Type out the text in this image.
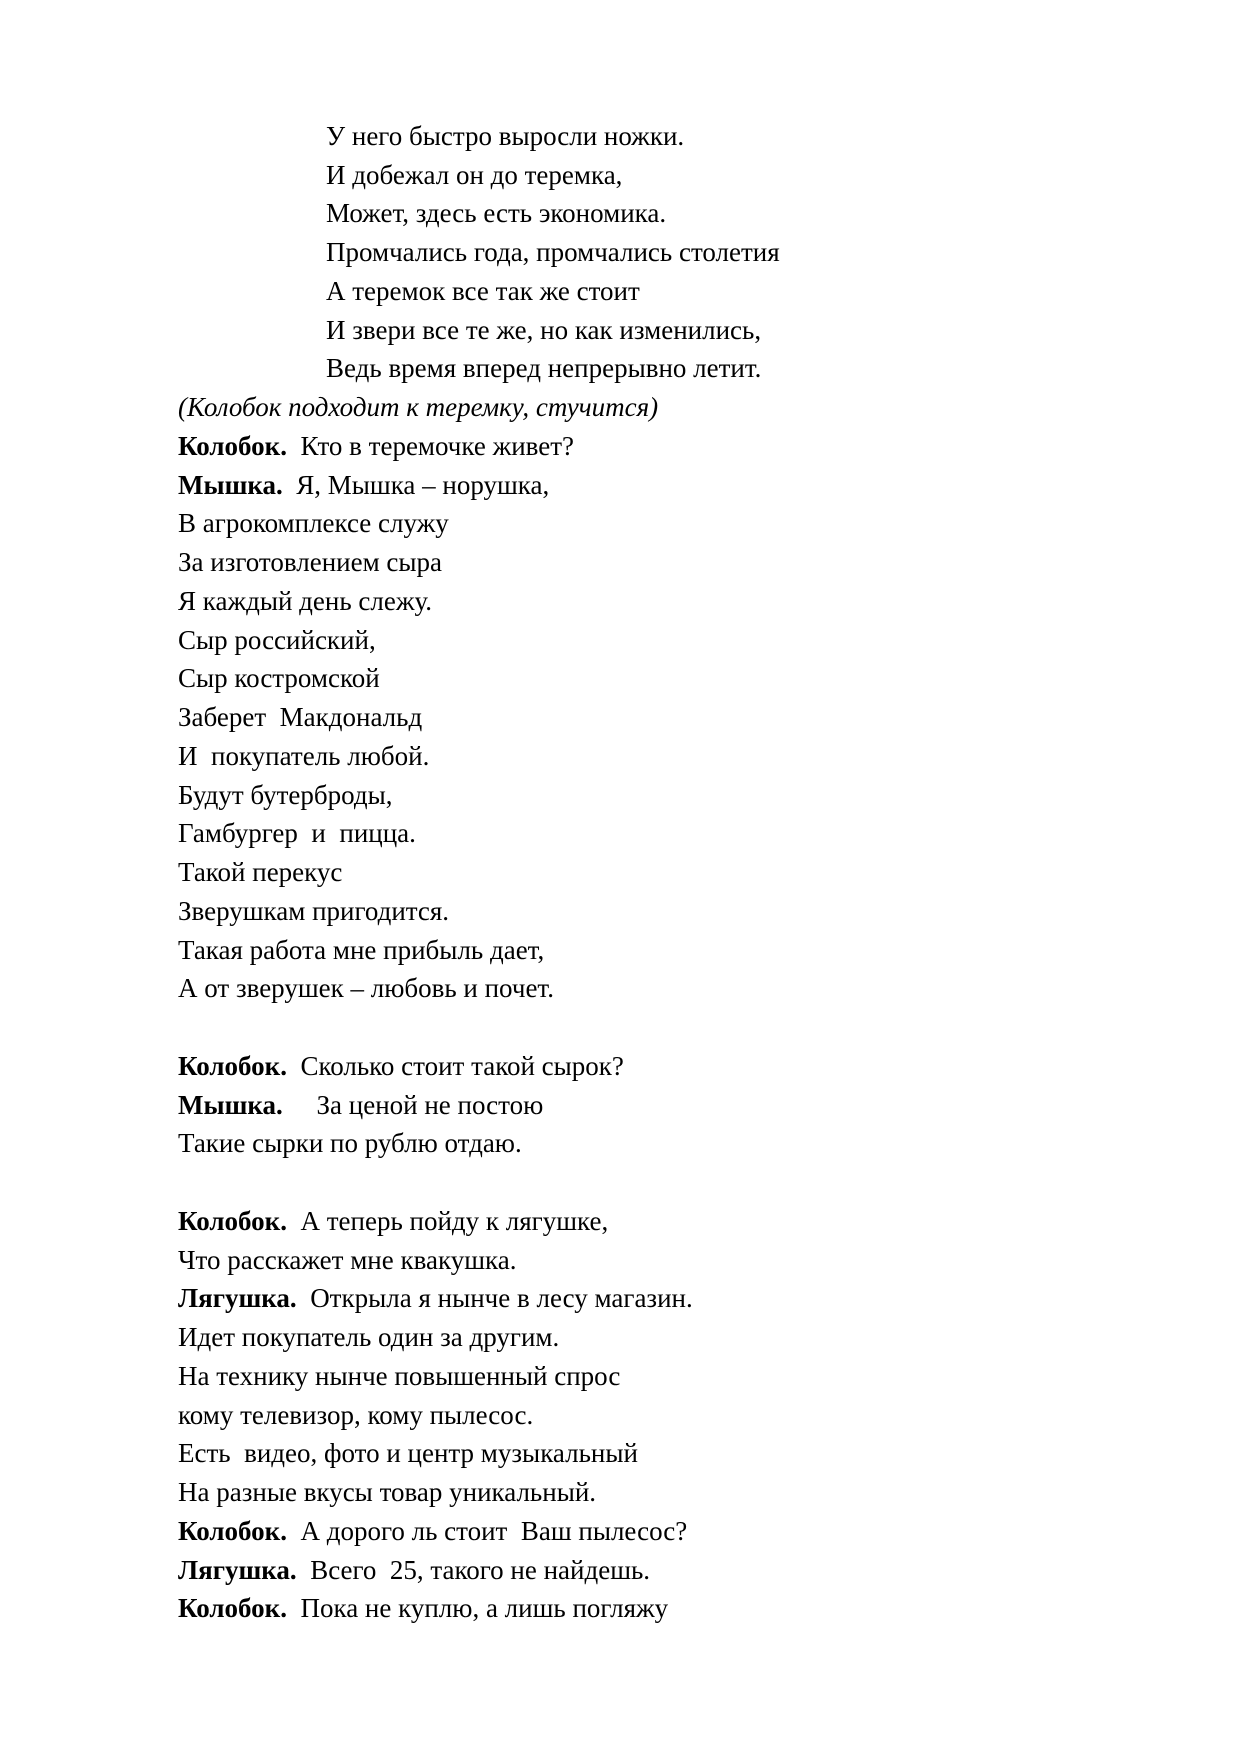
У него быстро выросли ножки.
И добежал он до теремка,
Может, здесь есть экономика.
Промчались года, промчались столетия
А теремок все так же стоит
И звери все те же, но как изменились,
Ведь время вперед непрерывно летит.
(Колобок подходит к теремку, стучится)
Колобок.  Кто в теремочке живет?
Мышка.  Я, Мышка – норушка,
В агрокомплексе служу
За изготовлением сыра
Я каждый день слежу.
Сыр российский,
Сыр костромской
Заберет  Макдональд
И  покупатель любой.
Будут бутерброды,
Гамбургер  и  пицца.
Такой перекус
Зверушкам пригодится.
Такая работа мне прибыль дает,
А от зверушек – любовь и почет.
Колобок.  Сколько стоит такой сырок?
Мышка.     За ценой не постою
Такие сырки по рублю отдаю.
Колобок.  А теперь пойду к лягушке,
Что расскажет мне квакушка.
Лягушка.  Открыла я нынче в лесу магазин.
Идет покупатель один за другим.
На технику нынче повышенный спрос
кому телевизор, кому пылесос.
Есть  видео, фото и центр музыкальный
На разные вкусы товар уникальный.
Колобок.  А дорого ль стоит  Ваш пылесос?
Лягушка.  Всего  25, такого не найдешь.
Колобок.  Пока не куплю, а лишь погляжу
